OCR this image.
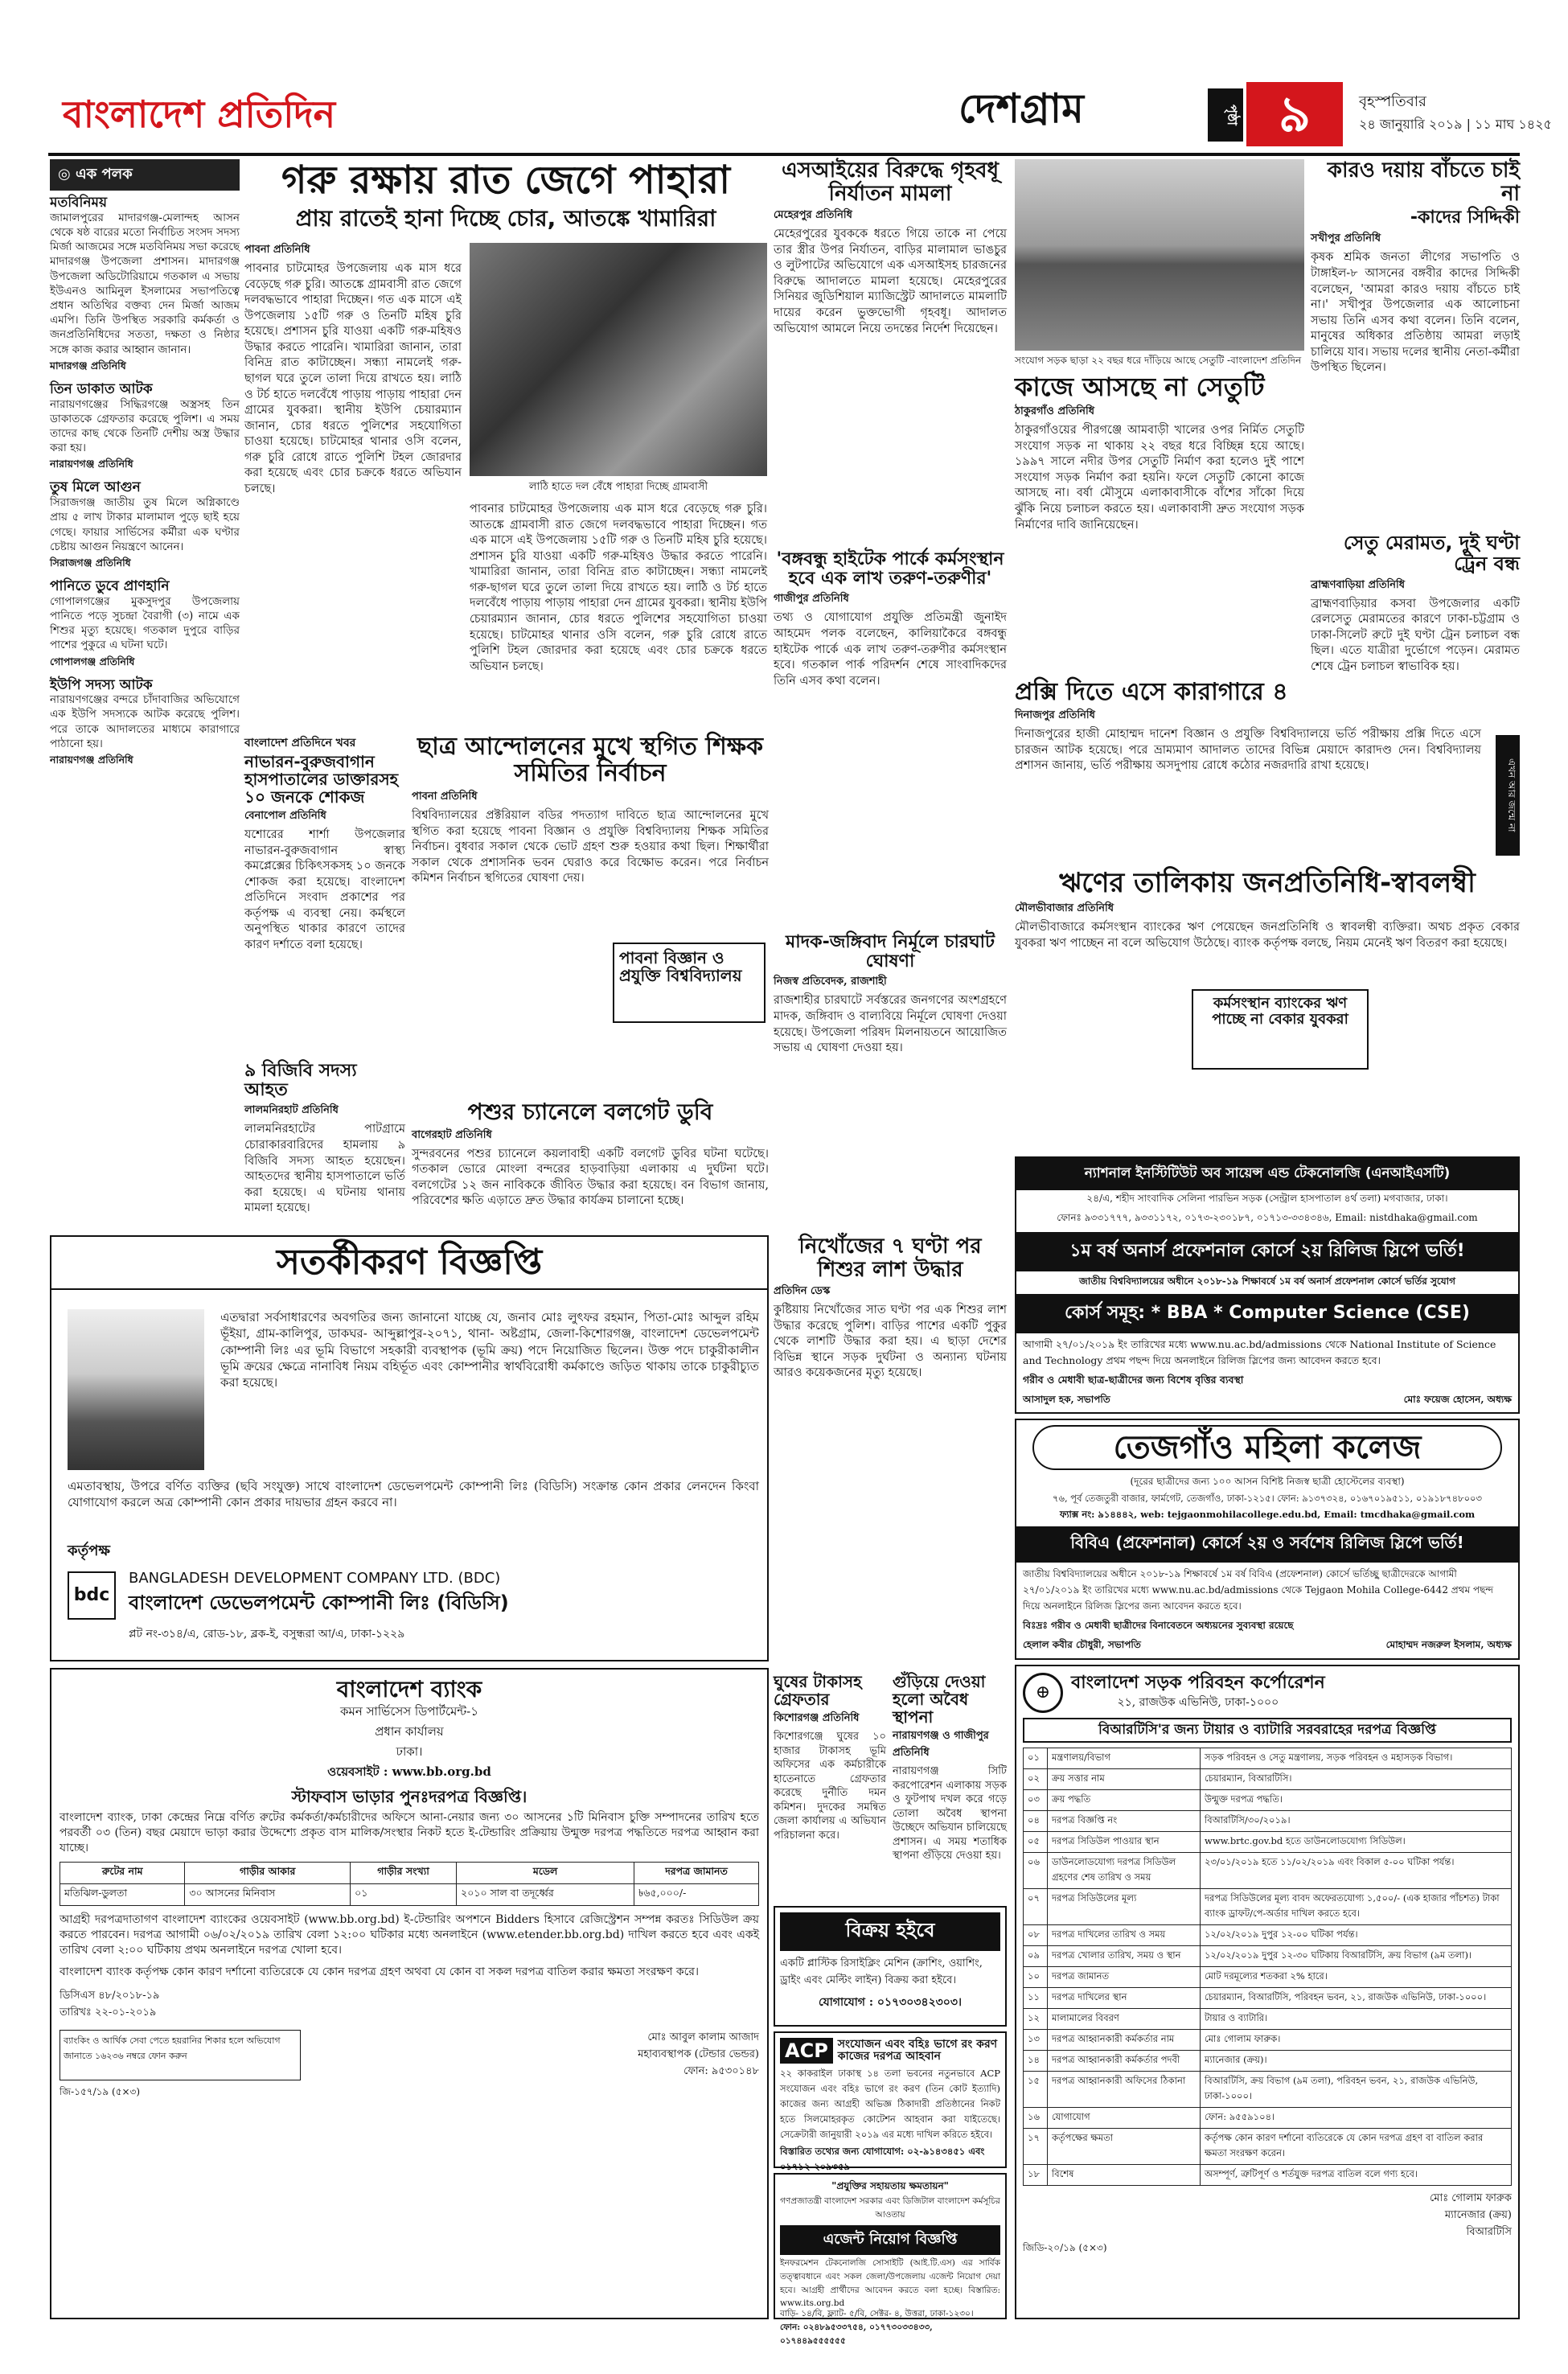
বাংলাদেশ প্রতিদিন	দেশগ্রাম	পৃষ্ঠা ৯	বৃহস্পতিবার
২৪ জানুয়ারি ২০১৯ | ১১ মাঘ ১৪২৫
◎ এক পলক
মতবিনিময়
জামালপুরের মাদারগঞ্জ-মেলান্দহ আসন থেকে ষষ্ঠ বারের মতো নির্বাচিত সংসদ সদস্য মির্জা আজমের সঙ্গে মতবিনিময় সভা করেছে মাদারগঞ্জ উপজেলা প্রশাসন। মাদারগঞ্জ উপজেলা অডিটোরিয়ামে গতকাল এ সভায় ইউএনও আমিনুল ইসলামের সভাপতিত্বে প্রধান অতিথির বক্তব্য দেন মির্জা আজম এমপি। তিনি উপস্থিত সরকারি কর্মকর্তা ও জনপ্রতিনিধিদের সততা, দক্ষতা ও নিষ্ঠার সঙ্গে কাজ করার আহ্বান জানান।
মাদারগঞ্জ প্রতিনিধি
তিন ডাকাত আটক
নারায়ণগঞ্জের সিদ্ধিরগঞ্জে অস্ত্রসহ তিন ডাকাতকে গ্রেফতার করেছে পুলিশ। এ সময় তাদের কাছ থেকে তিনটি দেশীয় অস্ত্র উদ্ধার করা হয়।
নারায়ণগঞ্জ প্রতিনিধি
তুষ মিলে আগুন
সিরাজগঞ্জ জাতীয় তুষ মিলে অগ্নিকাণ্ডে প্রায় ৫ লাখ টাকার মালামাল পুড়ে ছাই হয়ে গেছে। ফায়ার সার্ভিসের কর্মীরা এক ঘণ্টার চেষ্টায় আগুন নিয়ন্ত্রণে আনেন।
সিরাজগঞ্জ প্রতিনিধি
পানিতে ডুবে প্রাণহানি
গোপালগঞ্জের মুকসুদপুর উপজেলায় পানিতে পড়ে সুচন্দ্রা বৈরাগী (৩) নামে এক শিশুর মৃত্যু হয়েছে। গতকাল দুপুরে বাড়ির পাশের পুকুরে এ ঘটনা ঘটে।
গোপালগঞ্জ প্রতিনিধি
ইউপি সদস্য আটক
নারায়ণগঞ্জের বন্দরে চাঁদাবাজির অভিযোগে এক ইউপি সদস্যকে আটক করেছে পুলিশ। পরে তাকে আদালতের মাধ্যমে কারাগারে পাঠানো হয়।
নারায়ণগঞ্জ প্রতিনিধি
গরু রক্ষায় রাত জেগে পাহারা
প্রায় রাতেই হানা দিচ্ছে চোর, আতঙ্কে খামারিরা
পাবনা প্রতিনিধি
পাবনার চাটমোহর উপজেলায় এক মাস ধরে বেড়েছে গরু চুরি। আতঙ্কে গ্রামবাসী রাত জেগে দলবদ্ধভাবে পাহারা দিচ্ছেন। গত এক মাসে এই উপজেলায় ১৫টি গরু ও তিনটি মহিষ চুরি হয়েছে। প্রশাসন চুরি যাওয়া একটি গরু-মহিষও উদ্ধার করতে পারেনি। খামারিরা জানান, তারা বিনিদ্র রাত কাটাচ্ছেন। সন্ধ্যা নামলেই গরু-ছাগল ঘরে তুলে তালা দিয়ে রাখতে হয়। লাঠি ও টর্চ হাতে দলবেঁধে পাড়ায় পাড়ায় পাহারা দেন গ্রামের যুবকরা। স্থানীয় ইউপি চেয়ারম্যান জানান, চোর ধরতে পুলিশের সহযোগিতা চাওয়া হয়েছে। চাটমোহর থানার ওসি বলেন, গরু চুরি রোধে রাতে পুলিশি টহল জোরদার করা হয়েছে এবং চোর চক্রকে ধরতে অভিযান চলছে।	লাঠি হাতে দল বেঁধে পাহারা দিচ্ছে গ্রামবাসী
পাবনার চাটমোহর উপজেলায় এক মাস ধরে বেড়েছে গরু চুরি। আতঙ্কে গ্রামবাসী রাত জেগে দলবদ্ধভাবে পাহারা দিচ্ছেন। গত এক মাসে এই উপজেলায় ১৫টি গরু ও তিনটি মহিষ চুরি হয়েছে। প্রশাসন চুরি যাওয়া একটি গরু-মহিষও উদ্ধার করতে পারেনি। খামারিরা জানান, তারা বিনিদ্র রাত কাটাচ্ছেন। সন্ধ্যা নামলেই গরু-ছাগল ঘরে তুলে তালা দিয়ে রাখতে হয়। লাঠি ও টর্চ হাতে দলবেঁধে পাড়ায় পাড়ায় পাহারা দেন গ্রামের যুবকরা। স্থানীয় ইউপি চেয়ারম্যান জানান, চোর ধরতে পুলিশের সহযোগিতা চাওয়া হয়েছে। চাটমোহর থানার ওসি বলেন, গরু চুরি রোধে রাতে পুলিশি টহল জোরদার করা হয়েছে এবং চোর চক্রকে ধরতে অভিযান চলছে।
এসআইয়ের বিরুদ্ধে গৃহবধূ নির্যাতন মামলা
মেহেরপুর প্রতিনিধি
মেহেরপুরের যুবককে ধরতে গিয়ে তাকে না পেয়ে তার স্ত্রীর উপর নির্যাতন, বাড়ির মালামাল ভাঙচুর ও লুটপাটের অভিযোগে এক এসআইসহ চারজনের বিরুদ্ধে আদালতে মামলা হয়েছে। মেহেরপুরের সিনিয়র জুডিশিয়াল ম্যাজিস্ট্রেট আদালতে মামলাটি দায়ের করেন ভুক্তভোগী গৃহবধূ। আদালত অভিযোগ আমলে নিয়ে তদন্তের নির্দেশ দিয়েছেন।
'বঙ্গবন্ধু হাইটেক পার্কে কর্মসংস্থান হবে এক লাখ তরুণ-তরুণীর'
গাজীপুর প্রতিনিধি
তথ্য ও যোগাযোগ প্রযুক্তি প্রতিমন্ত্রী জুনাইদ আহমেদ পলক বলেছেন, কালিয়াকৈরে বঙ্গবন্ধু হাইটেক পার্কে এক লাখ তরুণ-তরুণীর কর্মসংস্থান হবে। গতকাল পার্ক পরিদর্শন শেষে সাংবাদিকদের তিনি এসব কথা বলেন।
সংযোগ সড়ক ছাড়া ২২ বছর ধরে দাঁড়িয়ে আছে সেতুটি -বাংলাদেশ প্রতিদিন
কাজে আসছে না সেতুটি
ঠাকুরগাঁও প্রতিনিধি
ঠাকুরগাঁওয়ের পীরগঞ্জে আমবাড়ী খালের ওপর নির্মিত সেতুটি সংযোগ সড়ক না থাকায় ২২ বছর ধরে বিচ্ছিন্ন হয়ে আছে। ১৯৯৭ সালে নদীর উপর সেতুটি নির্মাণ করা হলেও দুই পাশে সংযোগ সড়ক নির্মাণ করা হয়নি। ফলে সেতুটি কোনো কাজে আসছে না। বর্ষা মৌসুমে এলাকাবাসীকে বাঁশের সাঁকো দিয়ে ঝুঁকি নিয়ে চলাচল করতে হয়। এলাকাবাসী দ্রুত সংযোগ সড়ক নির্মাণের দাবি জানিয়েছেন।
কারও দয়ায় বাঁচতে চাই না
-কাদের সিদ্দিকী
সখীপুর প্রতিনিধি
কৃষক শ্রমিক জনতা লীগের সভাপতি ও টাঙ্গাইল-৮ আসনের বঙ্গবীর কাদের সিদ্দিকী বলেছেন, 'আমরা কারও দয়ায় বাঁচতে চাই না।' সখীপুর উপজেলার এক আলোচনা সভায় তিনি এসব কথা বলেন। তিনি বলেন, মানুষের অধিকার প্রতিষ্ঠায় আমরা লড়াই চালিয়ে যাব। সভায় দলের স্থানীয় নেতা-কর্মীরা উপস্থিত ছিলেন।
সেতু মেরামত, দুই ঘণ্টা ট্রেন বন্ধ
ব্রাহ্মণবাড়িয়া প্রতিনিধি
ব্রাহ্মণবাড়িয়ার কসবা উপজেলার একটি রেলসেতু মেরামতের কারণে ঢাকা-চট্টগ্রাম ও ঢাকা-সিলেট রুটে দুই ঘণ্টা ট্রেন চলাচল বন্ধ ছিল। এতে যাত্রীরা দুর্ভোগে পড়েন। মেরামত শেষে ট্রেন চলাচল স্বাভাবিক হয়।
বাংলাদেশ প্রতিদিনে খবর
নাভারন-বুরুজবাগান হাসপাতালের ডাক্তারসহ ১০ জনকে শোকজ
বেনাপোল প্রতিনিধি
যশোরের শার্শা উপজেলার নাভারন-বুরুজবাগান স্বাস্থ্য কমপ্লেক্সের চিকিৎসকসহ ১০ জনকে শোকজ করা হয়েছে। বাংলাদেশ প্রতিদিনে সংবাদ প্রকাশের পর কর্তৃপক্ষ এ ব্যবস্থা নেয়। কর্মস্থলে অনুপস্থিত থাকার কারণে তাদের কারণ দর্শাতে বলা হয়েছে।
ছাত্র আন্দোলনের মুখে স্থগিত শিক্ষক সমিতির নির্বাচন
পাবনা প্রতিনিধি
বিশ্ববিদ্যালয়ের প্রক্টরিয়াল বডির পদত্যাগ দাবিতে ছাত্র আন্দোলনের মুখে স্থগিত করা হয়েছে পাবনা বিজ্ঞান ও প্রযুক্তি বিশ্ববিদ্যালয় শিক্ষক সমিতির নির্বাচন। বুধবার সকাল থেকে ভোট গ্রহণ শুরু হওয়ার কথা ছিল। শিক্ষার্থীরা সকাল থেকে প্রশাসনিক ভবন ঘেরাও করে বিক্ষোভ করেন। পরে নির্বাচন কমিশন নির্বাচন স্থগিতের ঘোষণা দেয়।
পাবনা বিজ্ঞান ও প্রযুক্তি বিশ্ববিদ্যালয়
৯ বিজিবি সদস্য আহত
লালমনিরহাট প্রতিনিধি
লালমনিরহাটের পাটগ্রামে চোরাকারবারিদের হামলায় ৯ বিজিবি সদস্য আহত হয়েছেন। আহতদের স্থানীয় হাসপাতালে ভর্তি করা হয়েছে। এ ঘটনায় থানায় মামলা হয়েছে।
পশুর চ্যানেলে বলগেট ডুবি
বাগেরহাট প্রতিনিধি
সুন্দরবনের পশুর চ্যানেলে কয়লাবাহী একটি বলগেট ডুবির ঘটনা ঘটেছে। গতকাল ভোরে মোংলা বন্দরের হাড়বাড়িয়া এলাকায় এ দুর্ঘটনা ঘটে। বলগেটের ১২ জন নাবিককে জীবিত উদ্ধার করা হয়েছে। বন বিভাগ জানায়, পরিবেশের ক্ষতি এড়াতে দ্রুত উদ্ধার কার্যক্রম চালানো হচ্ছে।
মাদক-জঙ্গিবাদ নির্মূলে চারঘাট ঘোষণা
নিজস্ব প্রতিবেদক, রাজশাহী
রাজশাহীর চারঘাটে সর্বস্তরের জনগণের অংশগ্রহণে মাদক, জঙ্গিবাদ ও বাল্যবিয়ে নির্মূলে ঘোষণা দেওয়া হয়েছে। উপজেলা পরিষদ মিলনায়তনে আয়োজিত সভায় এ ঘোষণা দেওয়া হয়।
প্রক্সি দিতে এসে কারাগারে ৪
দিনাজপুর প্রতিনিধি
দিনাজপুরের হাজী মোহাম্মদ দানেশ বিজ্ঞান ও প্রযুক্তি বিশ্ববিদ্যালয়ে ভর্তি পরীক্ষায় প্রক্সি দিতে এসে চারজন আটক হয়েছে। পরে ভ্রাম্যমাণ আদালত তাদের বিভিন্ন মেয়াদে কারাদণ্ড দেন। বিশ্ববিদ্যালয় প্রশাসন জানায়, ভর্তি পরীক্ষায় অসদুপায় রোধে কঠোর নজরদারি রাখা হয়েছে।	এখন আর জন্মে না
ঋণের তালিকায় জনপ্রতিনিধি-স্বাবলম্বী
মৌলভীবাজার প্রতিনিধি
মৌলভীবাজারে কর্মসংস্থান ব্যাংকের ঋণ পেয়েছেন জনপ্রতিনিধি ও স্বাবলম্বী ব্যক্তিরা। অথচ প্রকৃত বেকার যুবকরা ঋণ পাচ্ছেন না বলে অভিযোগ উঠেছে। ব্যাংক কর্তৃপক্ষ বলছে, নিয়ম মেনেই ঋণ বিতরণ করা হয়েছে।
কর্মসংস্থান ব্যাংকের ঋণ পাচ্ছে না বেকার যুবকরা
ন্যাশনাল ইনস্টিটিউট অব সায়েন্স এন্ড টেকনোলজি (এনআইএসটি)
২৪/এ, শহীদ সাংবাদিক সেলিনা পারভিন সড়ক (সেন্ট্রাল হাসপাতাল ৪র্থ তলা) মগবাজার, ঢাকা।
ফোনঃ ৯৩৩১৭৭৭, ৯৩৩১১৭২, ০১৭৩-২৩০১৮৭, ০১৭১৩-৩৩৪৩৪৬, Email: nistdhaka@gmail.com
১ম বর্ষ অনার্স প্রফেশনাল কোর্সে ২য় রিলিজ স্লিপে ভর্তি!
জাতীয় বিশ্ববিদ্যালয়ের অধীনে ২০১৮-১৯ শিক্ষাবর্ষে ১ম বর্ষ অনার্স প্রফেশনাল কোর্সে ভর্তির সুযোগ
কোর্স সমূহ: * BBA * Computer Science (CSE)
আগামী ২৭/০১/২০১৯ ইং তারিখের মধ্যে www.nu.ac.bd/admissions থেকে National Institute of Science and Technology প্রথম পছন্দ দিয়ে অনলাইনে রিলিজ স্লিপের জন্য আবেদন করতে হবে।
গরীব ও মেধাবী ছাত্র-ছাত্রীদের জন্য বিশেষ বৃত্তির ব্যবস্থা
আসাদুল হক, সভাপতি	মোঃ ফয়েজ হোসেন, অধ্যক্ষ
সতর্কীকরণ বিজ্ঞপ্তি
এতদ্বারা সর্বসাধারণের অবগতির জন্য জানানো যাচ্ছে যে, জনাব মোঃ লুৎফর রহমান, পিতা-মোঃ আব্দুল রহিম ভূঁইয়া, গ্রাম-কালিপুর, ডাকঘর- আব্দুল্লাপুর-২০৭১, থানা- অষ্টগ্রাম, জেলা-কিশোরগঞ্জ, বাংলাদেশ ডেভেলপমেন্ট কোম্পানী লিঃ এর ভূমি বিভাগে সহকারী ব্যবস্থাপক (ভূমি ক্রয়) পদে নিয়োজিত ছিলেন। উক্ত পদে চাকুরীকালীন ভূমি ক্রয়ের ক্ষেত্রে নানাবিধ নিয়ম বহির্ভূত এবং কোম্পানীর স্বার্থবিরোধী কর্মকাণ্ডে জড়িত থাকায় তাকে চাকুরীচ্যুত করা হয়েছে।
এমতাবস্থায়, উপরে বর্ণিত ব্যক্তির (ছবি সংযুক্ত) সাথে বাংলাদেশ ডেভেলপমেন্ট কোম্পানী লিঃ (বিডিসি) সংক্রান্ত কোন প্রকার লেনদেন কিংবা যোগাযোগ করলে অত্র কোম্পানী কোন প্রকার দায়ভার গ্রহন করবে না।
কর্তৃপক্ষ
bdc
BANGLADESH DEVELOPMENT COMPANY LTD. (BDC)
বাংলাদেশ ডেভেলপমেন্ট কোম্পানী লিঃ (বিডিসি)
প্লট নং-৩১৪/এ, রোড-১৮, ব্লক-ই, বসুন্ধরা আ/এ, ঢাকা-১২২৯
নিখোঁজের ৭ ঘণ্টা পর শিশুর লাশ উদ্ধার
প্রতিদিন ডেস্ক
কুষ্টিয়ায় নিখোঁজের সাত ঘণ্টা পর এক শিশুর লাশ উদ্ধার করেছে পুলিশ। বাড়ির পাশের একটি পুকুর থেকে লাশটি উদ্ধার করা হয়। এ ছাড়া দেশের বিভিন্ন স্থানে সড়ক দুর্ঘটনা ও অন্যান্য ঘটনায় আরও কয়েকজনের মৃত্যু হয়েছে।
ঘুষের টাকাসহ গ্রেফতার
কিশোরগঞ্জ প্রতিনিধি
কিশোরগঞ্জে ঘুষের ১০ হাজার টাকাসহ ভূমি অফিসের এক কর্মচারীকে হাতেনাতে গ্রেফতার করেছে দুর্নীতি দমন কমিশন। দুদকের সমন্বিত জেলা কার্যালয় এ অভিযান পরিচালনা করে।
গুঁড়িয়ে দেওয়া হলো অবৈধ স্থাপনা
নারায়ণগঞ্জ ও গাজীপুর প্রতিনিধি
নারায়ণগঞ্জ সিটি করপোরেশন এলাকায় সড়ক ও ফুটপাথ দখল করে গড়ে তোলা অবৈধ স্থাপনা উচ্ছেদে অভিযান চালিয়েছে প্রশাসন। এ সময় শতাধিক স্থাপনা গুঁড়িয়ে দেওয়া হয়।
তেজগাঁও মহিলা কলেজ
(দূরের ছাত্রীদের জন্য ১০০ আসন বিশিষ্ট নিজস্ব ছাত্রী হোস্টেলের ব্যবস্থা)
৭৬, পূর্ব তেজতুরী বাজার, ফার্মগেট, তেজগাঁও, ঢাকা-১২১৫। ফোন: ৯১৩৭৩২৪, ০১৬৭০১৯৫১১, ০১৯১৮৭৪৮০০৩
ফ্যাক্স নং: ৯১৪৪৪২, web: tejgaonmohilacollege.edu.bd, Email: tmcdhaka@gmail.com
বিবিএ (প্রফেশনাল) কোর্সে ২য় ও সর্বশেষ রিলিজ স্লিপে ভর্তি!
জাতীয় বিশ্ববিদ্যালয়ের অধীনে ২০১৮-১৯ শিক্ষাবর্ষে ১ম বর্ষ বিবিএ (প্রফেশনাল) কোর্সে ভর্তিচ্ছু ছাত্রীদেরকে আগামী ২৭/০১/২০১৯ ইং তারিখের মধ্যে www.nu.ac.bd/admissions থেকে Tejgaon Mohila College-6442 প্রথম পছন্দ দিয়ে অনলাইনে রিলিজ স্লিপের জন্য আবেদন করতে হবে।
বিঃদ্রঃ গরীব ও মেধাবী ছাত্রীদের বিনাবেতনে অধ্যয়নের সুব্যবস্থা রয়েছে
হেলাল কবীর চৌধুরী, সভাপতি	মোহাম্মদ নজরুল ইসলাম, অধ্যক্ষ
বাংলাদেশ ব্যাংক
কমন সার্ভিসেস ডিপার্টমেন্ট-১
প্রধান কার্যালয়
ঢাকা।
ওয়েবসাইট : www.bb.org.bd
স্টাফবাস ভাড়ার পুনঃদরপত্র বিজ্ঞপ্তি।
বাংলাদেশ ব্যাংক, ঢাকা কেন্দ্রের নিম্নে বর্ণিত রুটের কর্মকর্তা/কর্মচারীদের অফিসে আনা-নেয়ার জন্য ৩০ আসনের ১টি মিনিবাস চুক্তি সম্পাদনের তারিখ হতে পরবর্তী ০৩ (তিন) বছর মেয়াদে ভাড়া করার উদ্দেশ্যে প্রকৃত বাস মালিক/সংস্থার নিকট হতে ই-টেন্ডারিং প্রক্রিয়ায় উন্মুক্ত দরপত্র পদ্ধতিতে দরপত্র আহ্বান করা যাচ্ছে।
রুটের নাম	গাড়ীর আকার	গাড়ীর সংখ্যা	মডেল	দরপত্র জামানত
মতিঝিল-ডুলতা	৩০ আসনের মিনিবাস	০১	২০১০ সাল বা তদূর্ধ্বের	৳৬৫,০০০/-
আগ্রহী দরপত্রদাতাগণ বাংলাদেশ ব্যাংকের ওয়েবসাইট (www.bb.org.bd) ই-টেন্ডারিং অপশনে Bidders হিসাবে রেজিস্ট্রেশন সম্পন্ন করতঃ সিডিউল ক্রয় করতে পারবেন। দরপত্র আগামী ০৬/০২/২০১৯ তারিখ বেলা ১২:০০ ঘটিকার মধ্যে অনলাইনে (www.etender.bb.org.bd) দাখিল করতে হবে এবং একই তারিখ বেলা ২:০০ ঘটিকায় প্রথম অনলাইনে দরপত্র খোলা হবে।
বাংলাদেশ ব্যাংক কর্তৃপক্ষ কোন কারণ দর্শানো ব্যতিরেকে যে কোন দরপত্র গ্রহণ অথবা যে কোন বা সকল দরপত্র বাতিল করার ক্ষমতা সংরক্ষণ করে।
ডিসিএস ৪৮/২০১৮-১৯
তারিখঃ ২২-০১-২০১৯
ব্যাংকিং ও আর্থিক সেবা পেতে হয়রানির শিকার হলে অভিযোগ জানাতে ১৬২৩৬ নম্বরে ফোন করুন
মোঃ আবুল কালাম আজাদ
মহাব্যবস্থাপক (টেন্ডার ভেন্ডর)
ফোন: ৯৫৩০১৪৮
জি-১৫৭/১৯ (৫×৩)
বিক্রয় হইবে
একটি প্লাস্টিক রিসাইক্লিং মেশিন (ক্রাশিং, ওয়াশিং, ড্রাইং এবং মেল্টিং লাইন) বিক্রয় করা হইবে।
যোগাযোগ : ০১৭৩০৩৪২৩০৩।
ACP সংযোজন এবং বহিঃ ভাগে রং করণ কাজের দরপত্র আহবান
২২ কাকরাইল ঢাকাস্থ ১৪ তলা ভবনের নতুনভাবে ACP সংযোজন এবং বহিঃ ভাগে রং করণ (তিন কোট ইত্যাদি) কাজের জন্য আগ্রহী অভিজ্ঞ ঠিকাদারী প্রতিষ্ঠানের নিকট হতে সিলমোহরকৃত কোটেশন আহবান করা যাইতেছে। সেক্রেটারী জানুয়ারী ২০১৯ এর মধ্যে দাখিল করিতে হইবে।
বিস্তারিত তথ্যের জন্য যোগাযোগ: ০২-৯১৪৩৪৫১ এবং ০১৭১২-২০৯৩৫৯
"প্রযুক্তির সহায়তায় ক্ষমতায়ন"
গণপ্রজাতন্ত্রী বাংলাদেশ সরকার এবং ডিজিটাল বাংলাদেশ কর্মসূচির আওতায়
এজেন্ট নিয়োগ বিজ্ঞপ্তি
ইনফরমেশন টেকনোলজি সোসাইটি (আই.টি.এস) এর সার্বিক তত্ত্বাবধানে এবং সকল জেলা/উপজেলায় এজেন্ট নিয়োগ দেয়া হবে। আগ্রহী প্রার্থীদের আবেদন করতে বলা হচ্ছে। বিস্তারিত: www.its.org.bd
বাড়ি- ১৪/বি, ফ্ল্যাট- ৫/বি, সেক্টর- ৪, উত্তরা, ঢাকা-১২৩০।
ফোন: ০২৪৮৯৫৩৩৭৫৪, ০১৭৭৩০৩৩৪৩৩, ০১৭৪৪৯৫৫৫৫৫৫
⊕	বাংলাদেশ সড়ক পরিবহন কর্পোরেশন
২১, রাজউক এভিনিউ, ঢাকা-১০০০
বিআরটিসি'র জন্য টায়ার ও ব্যাটারি সরবরাহের দরপত্র বিজ্ঞপ্তি
০১	মন্ত্রণালয়/বিভাগ	সড়ক পরিবহন ও সেতু মন্ত্রণালয়, সড়ক পরিবহন ও মহাসড়ক বিভাগ।
০২	ক্রয় সত্তার নাম	চেয়ারম্যান, বিআরটিসি।
০৩	ক্রয় পদ্ধতি	উন্মুক্ত দরপত্র পদ্ধতি।
০৪	দরপত্র বিজ্ঞপ্তি নং	বিআরটিসি/৩০/২০১৯।
০৫	দরপত্র সিডিউল পাওয়ার স্থান	www.brtc.gov.bd হতে ডাউনলোডযোগ্য সিডিউল।
০৬	ডাউনলোডযোগ্য দরপত্র সিডিউল গ্রহণের শেষ তারিখ ও সময়	২৩/০১/২০১৯ হতে ১১/০২/২০১৯ এবং বিকাল ৫-০০ ঘটিকা পর্যন্ত।
০৭	দরপত্র সিডিউলের মূল্য	দরপত্র সিডিউলের মূল্য বাবদ অফেরতযোগ্য ১,৫০০/- (এক হাজার পাঁচশত) টাকা ব্যাংক ড্রাফট/পে-অর্ডার দাখিল করতে হবে।
০৮	দরপত্র দাখিলের তারিখ ও সময়	১২/০২/২০১৯ দুপুর ১২-০০ ঘটিকা পর্যন্ত।
০৯	দরপত্র খোলার তারিখ, সময় ও স্থান	১২/০২/২০১৯ দুপুর ১২-৩০ ঘটিকায় বিআরটিসি, ক্রয় বিভাগ (৯ম তলা)।
১০	দরপত্র জামানত	মোট দরমূল্যের শতকরা ২% হারে।
১১	দরপত্র দাখিলের স্থান	চেয়ারম্যান, বিআরটিসি, পরিবহন ভবন, ২১, রাজউক এভিনিউ, ঢাকা-১০০০।
১২	মালামালের বিবরণ	টায়ার ও ব্যাটারি।
১৩	দরপত্র আহ্বানকারী কর্মকর্তার নাম	মোঃ গোলাম ফারুক।
১৪	দরপত্র আহ্বানকারী কর্মকর্তার পদবী	ম্যানেজার (ক্রয়)।
১৫	দরপত্র আহ্বানকারী অফিসের ঠিকানা	বিআরটিসি, ক্রয় বিভাগ (৯ম তলা), পরিবহন ভবন, ২১, রাজউক এভিনিউ, ঢাকা-১০০০।
১৬	যোগাযোগ	ফোন: ৯৫৫৯১০৪।
১৭	কর্তৃপক্ষের ক্ষমতা	কর্তৃপক্ষ কোন কারণ দর্শানো ব্যতিরেকে যে কোন দরপত্র গ্রহণ বা বাতিল করার ক্ষমতা সংরক্ষণ করেন।
১৮	বিশেষ	অসম্পূর্ণ, ত্রুটিপূর্ণ ও শর্তযুক্ত দরপত্র বাতিল বলে গণ্য হবে।
মোঃ গোলাম ফারুক
ম্যানেজার (ক্রয়)
বিআরটিসি
জিডি-২০/১৯ (৫×৩)
